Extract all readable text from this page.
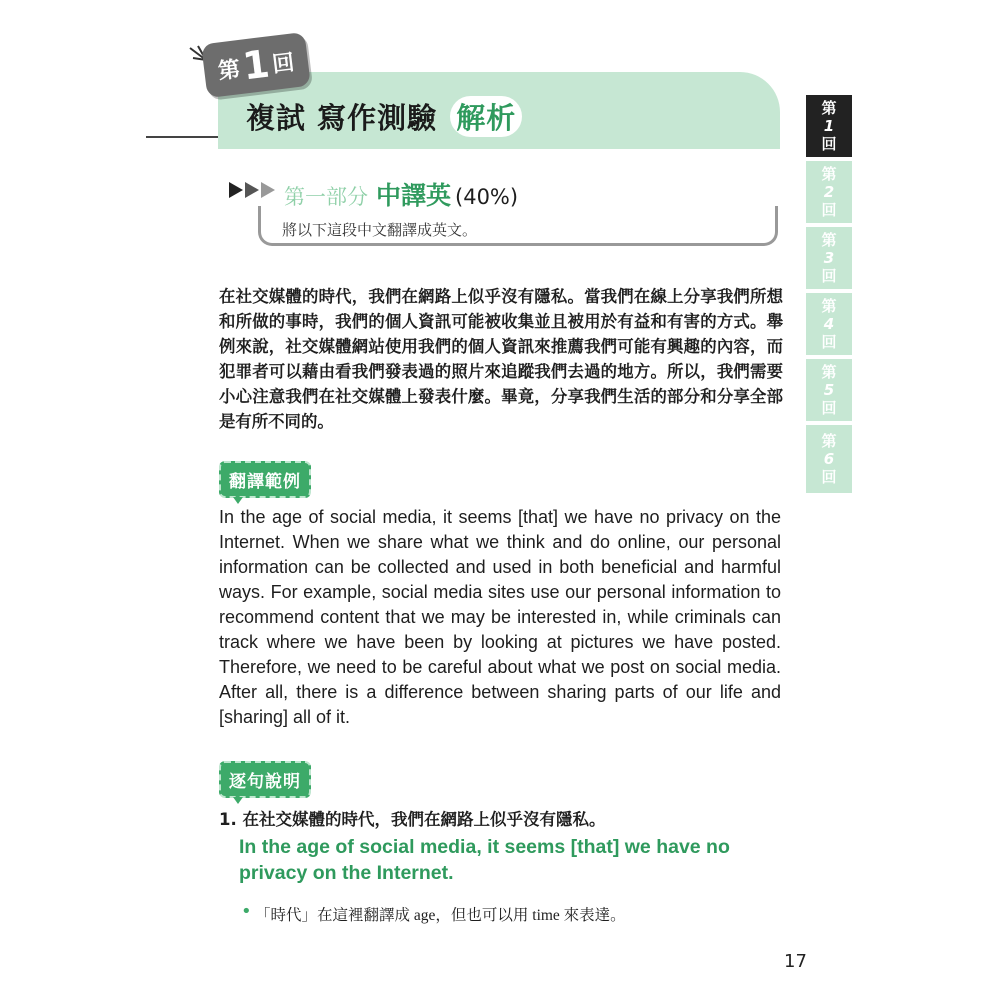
第
1 回
複試 寫作測驗 解析	第
1
回
第
2
回
第
3
回
第
4
回
第
5
回
第
6
回
第一部分 中譯英 (40%)
將以下這段中文翻譯成英文。
在社交媒體的時代，我們在網路上似乎沒有隱私。當我們在線上分享我們所想和所做的事時，我們的個人資訊可能被收集並且被用於有益和有害的方式。舉例來說，社交媒體網站使用我們的個人資訊來推薦我們可能有興趣的內容，而犯罪者可以藉由看我們發表過的照片來追蹤我們去過的地方。所以，我們需要小心注意我們在社交媒體上發表什麼。畢竟，分享我們生活的部分和分享全部是有所不同的。
翻譯範例
In the age of social media, it seems [that] we have no privacy on the Internet. When we share what we think and do online, our personal information can be collected and used in both beneficial and harmful ways. For example, social media sites use our personal information to recommend content that we may be interested in, while criminals can track where we have been by looking at pictures we have posted. Therefore, we need to be careful about what we post on social media. After all, there is a difference between sharing parts of our life and [sharing] all of it.
逐句說明
1. 在社交媒體的時代，我們在網路上似乎沒有隱私。
In the age of social media, it seems [that] we have no privacy on the Internet.
• 「時代」在這裡翻譯成 age，但也可以用 time 來表達。
17
